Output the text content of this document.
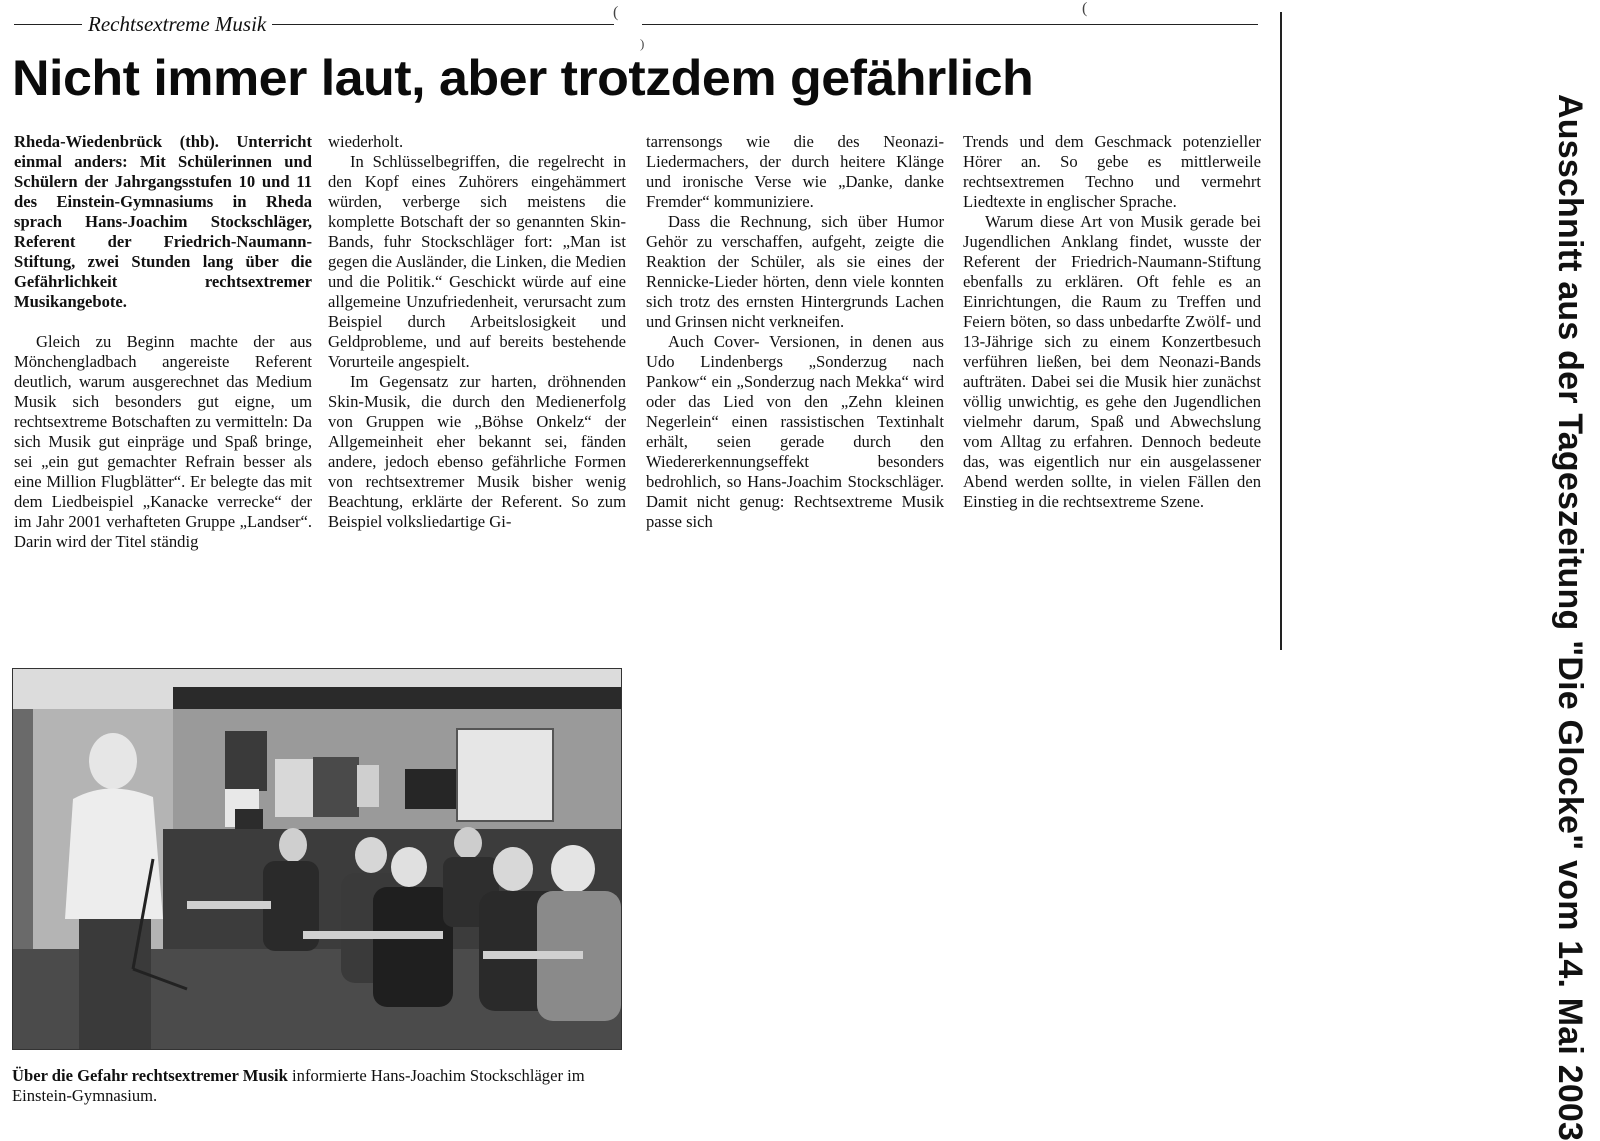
Rechtsextreme Musik	(	(
)
Nicht immer laut, aber trotzdem gefährlich

Rheda-Wiedenbrück (thb). Unterricht einmal anders: Mit Schülerinnen und Schülern der Jahrgangsstufen 10 und 11 des Einstein-Gymnasiums in Rheda sprach Hans-Joachim Stockschläger, Referent der Friedrich-Naumann-Stiftung, zwei Stunden lang über die Gefährlichkeit rechtsextremer Musikangebote.

Gleich zu Beginn machte der aus Mönchengladbach angereiste Referent deutlich, warum ausgerechnet das Medium Musik sich besonders gut eigne, um rechtsextreme Botschaften zu vermitteln: Da sich Musik gut einpräge und Spaß bringe, sei „ein gut gemachter Refrain besser als eine Million Flugblätter“. Er belegte das mit dem Liedbeispiel „Kanacke verrecke“ der im Jahr 2001 verhafteten Gruppe „Landser“. Darin wird der Titel ständig

wiederholt.

In Schlüsselbegriffen, die regelrecht in den Kopf eines Zuhörers eingehämmert würden, verberge sich meistens die komplette Botschaft der so genannten Skin-Bands, fuhr Stockschläger fort: „Man ist gegen die Ausländer, die Linken, die Medien und die Politik.“ Geschickt würde auf eine allgemeine Unzufriedenheit, verursacht zum Beispiel durch Arbeitslosigkeit und Geldprobleme, und auf bereits bestehende Vorurteile angespielt.

Im Gegensatz zur harten, dröhnenden Skin-Musik, die durch den Medienerfolg von Gruppen wie „Böhse Onkelz“ der Allgemeinheit eher bekannt sei, fänden andere, jedoch ebenso gefährliche Formen von rechtsextremer Musik bisher wenig Beachtung, erklärte der Referent. So zum Beispiel volksliedartige Gi-

tarrensongs wie die des Neonazi-Liedermachers, der durch heitere Klänge und ironische Verse wie „Danke, danke Fremder“ kommuniziere.

Dass die Rechnung, sich über Humor Gehör zu verschaffen, aufgeht, zeigte die Reaktion der Schüler, als sie eines der Rennicke-Lieder hörten, denn viele konnten sich trotz des ernsten Hintergrunds Lachen und Grinsen nicht verkneifen.

Auch Cover- Versionen, in denen aus Udo Lindenbergs „Sonderzug nach Pankow“ ein „Sonderzug nach Mekka“ wird oder das Lied von den „Zehn kleinen Negerlein“ einen rassistischen Textinhalt erhält, seien gerade durch den Wiedererkennungseffekt besonders bedrohlich, so Hans-Joachim Stockschläger. Damit nicht genug: Rechtsextreme Musik passe sich

Trends und dem Geschmack potenzieller Hörer an. So gebe es mittlerweile rechtsextremen Techno und vermehrt Liedtexte in englischer Sprache.

Warum diese Art von Musik gerade bei Jugendlichen Anklang findet, wusste der Referent der Friedrich-Naumann-Stiftung ebenfalls zu erklären. Oft fehle es an Einrichtungen, die Raum zu Treffen und Feiern böten, so dass unbedarfte Zwölf- und 13-Jährige sich zu einem Konzertbesuch verführen ließen, bei dem Neonazi-Bands aufträten. Dabei sei die Musik hier zunächst völlig unwichtig, es gehe den Jugendlichen vielmehr darum, Spaß und Abwechslung vom Alltag zu erfahren. Dennoch bedeute das, was eigentlich nur ein ausgelassener Abend werden sollte, in vielen Fällen den Einstieg in die rechtsextreme Szene.

Über die Gefahr rechtsextremer Musik informierte Hans-Joachim Stockschläger im Einstein-Gymnasium.	Ausschnitt aus der Tageszeitung "Die Glocke" vom 14. Mai 2003
